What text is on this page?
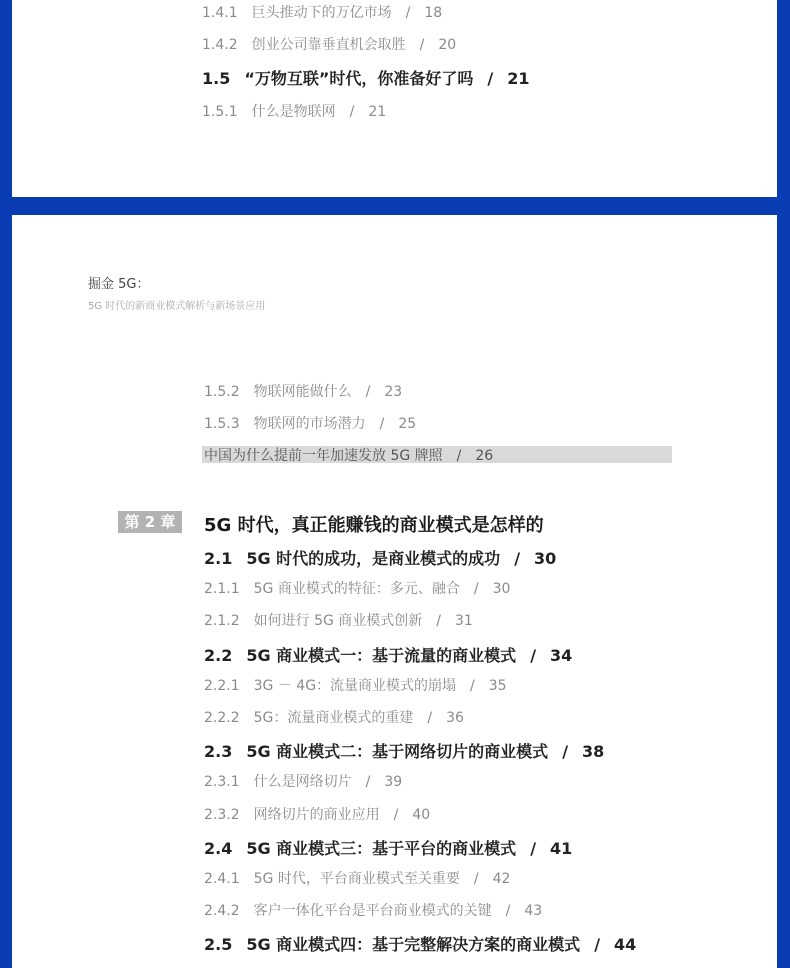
1.4.1 巨头推动下的万亿市场 / 18
1.4.2 创业公司靠垂直机会取胜 / 20
1.5 “万物互联”时代，你准备好了吗 / 21
1.5.1 什么是物联网 / 21
掘金 5G：
5G 时代的新商业模式解析与新场景应用
1.5.2 物联网能做什么 / 23
1.5.3 物联网的市场潜力 / 25
中国为什么提前一年加速发放 5G 牌照 / 26
第 2 章	5G 时代，真正能赚钱的商业模式是怎样的
2.1 5G 时代的成功，是商业模式的成功 / 30
2.1.1 5G 商业模式的特征：多元、融合 / 30
2.1.2 如何进行 5G 商业模式创新 / 31
2.2 5G 商业模式一：基于流量的商业模式 / 34
2.2.1 3G － 4G：流量商业模式的崩塌 / 35
2.2.2 5G：流量商业模式的重建 / 36
2.3 5G 商业模式二：基于网络切片的商业模式 / 38
2.3.1 什么是网络切片 / 39
2.3.2 网络切片的商业应用 / 40
2.4 5G 商业模式三：基于平台的商业模式 / 41
2.4.1 5G 时代，平台商业模式至关重要 / 42
2.4.2 客户一体化平台是平台商业模式的关键 / 43
2.5 5G 商业模式四：基于完整解决方案的商业模式 / 44
